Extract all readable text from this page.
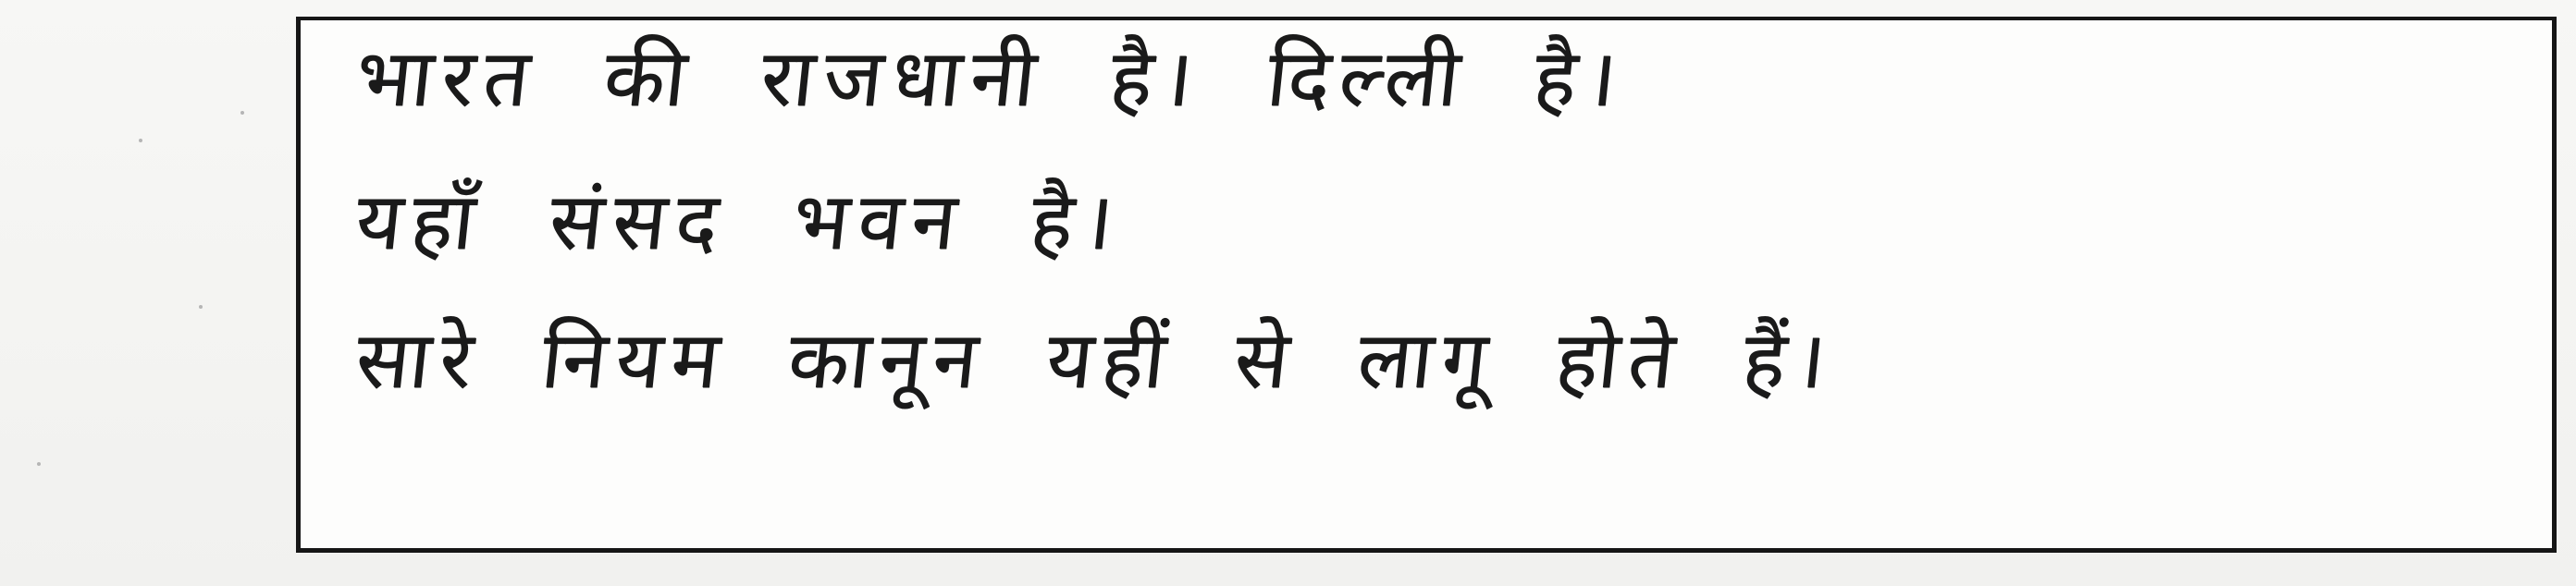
भारत की राजधानी है। दिल्ली है।
यहाँ संसद भवन है।
सारे नियम कानून यहीं से लागू होते हैं।
